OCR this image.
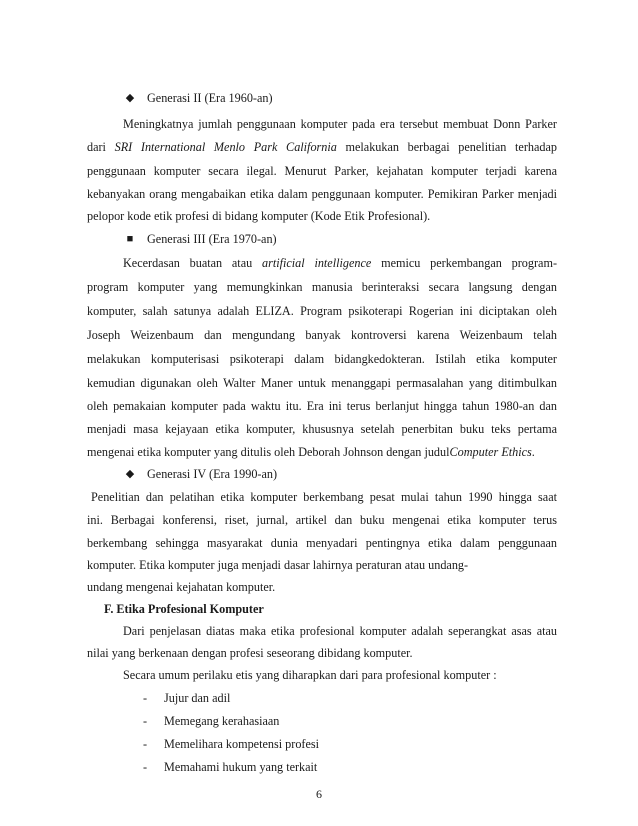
◆	Generasi II (Era 1960-an)
Meningkatnya jumlah penggunaan komputer pada era tersebut membuat Donn Parker
dari SRI International Menlo Park California melakukan berbagai penelitian terhadap
penggunaan komputer secara ilegal. Menurut Parker, kejahatan komputer terjadi karena
kebanyakan orang mengabaikan etika dalam penggunaan komputer. Pemikiran Parker menjadi
pelopor kode etik profesi di bidang komputer (Kode Etik Profesional).
■	Generasi III (Era 1970-an)
Kecerdasan buatan atau artificial intelligence memicu perkembangan program-
program komputer yang memungkinkan manusia berinteraksi secara langsung dengan
komputer, salah satunya adalah ELIZA. Program psikoterapi Rogerian ini diciptakan oleh
Joseph Weizenbaum dan mengundang banyak kontroversi karena Weizenbaum telah
melakukan komputerisasi psikoterapi dalam bidangkedokteran. Istilah etika komputer
kemudian digunakan oleh Walter Maner untuk menanggapi permasalahan yang ditimbulkan
oleh pemakaian komputer pada waktu itu. Era ini terus berlanjut hingga tahun 1980-an dan
menjadi masa kejayaan etika komputer, khususnya setelah penerbitan buku teks pertama
mengenai etika komputer yang ditulis oleh Deborah Johnson dengan judulComputer Ethics.
◆	Generasi IV (Era 1990-an)
Penelitian dan pelatihan etika komputer berkembang pesat mulai tahun 1990 hingga saat
ini. Berbagai konferensi, riset, jurnal, artikel dan buku mengenai etika komputer terus
berkembang sehingga masyarakat dunia menyadari pentingnya etika dalam penggunaan
komputer. Etika komputer juga menjadi dasar lahirnya peraturan atau undang-
undang mengenai kejahatan komputer.
F. Etika Profesional Komputer
Dari penjelasan diatas maka etika profesional komputer adalah seperangkat asas atau
nilai yang berkenaan dengan profesi seseorang dibidang komputer.
Secara umum perilaku etis yang diharapkan dari para profesional komputer :
- Jujur dan adil
- Memegang kerahasiaan
- Memelihara kompetensi profesi
- Memahami hukum yang terkait
6
